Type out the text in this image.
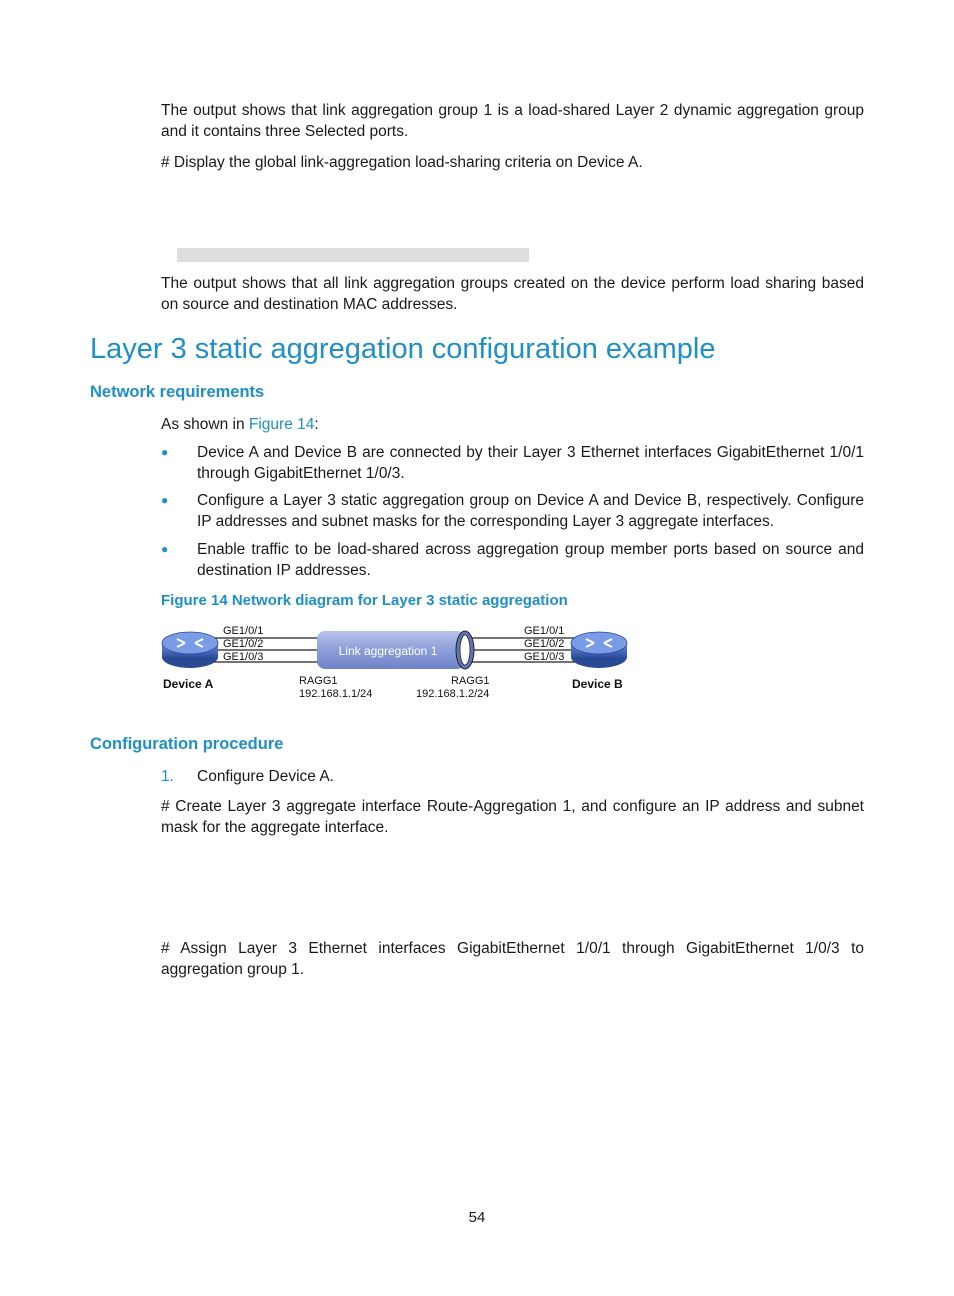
The output shows that link aggregation group 1 is a load-shared Layer 2 dynamic aggregation group and it contains three Selected ports.

# Display the global link-aggregation load-sharing criteria on Device A.

The output shows that all link aggregation groups created on the device perform load sharing based on source and destination MAC addresses.

Layer 3 static aggregation configuration example
Network requirements

As shown in Figure 14:

● Device A and Device B are connected by their Layer 3 Ethernet interfaces GigabitEthernet 1/0/1 through GigabitEthernet 1/0/3.
● Configure a Layer 3 static aggregation group on Device A and Device B, respectively. Configure IP addresses and subnet masks for the corresponding Layer 3 aggregate interfaces.
● Enable traffic to be load-shared across aggregation group member ports based on source and destination IP addresses.

Figure 14 Network diagram for Layer 3 static aggregation

Link aggregation 1
GE1/0/1
GE1/0/2
GE1/0/3
GE1/0/1
GE1/0/2
GE1/0/3
Device A	Device B
RAGG1
192.168.1.1/24
RAGG1
192.168.1.2/24
Configuration procedure

1. Configure Device A.

# Create Layer 3 aggregate interface Route-Aggregation 1, and configure an IP address and subnet mask for the aggregate interface.

# Assign Layer 3 Ethernet interfaces GigabitEthernet 1/0/1 through GigabitEthernet 1/0/3 to aggregation group 1.

54
